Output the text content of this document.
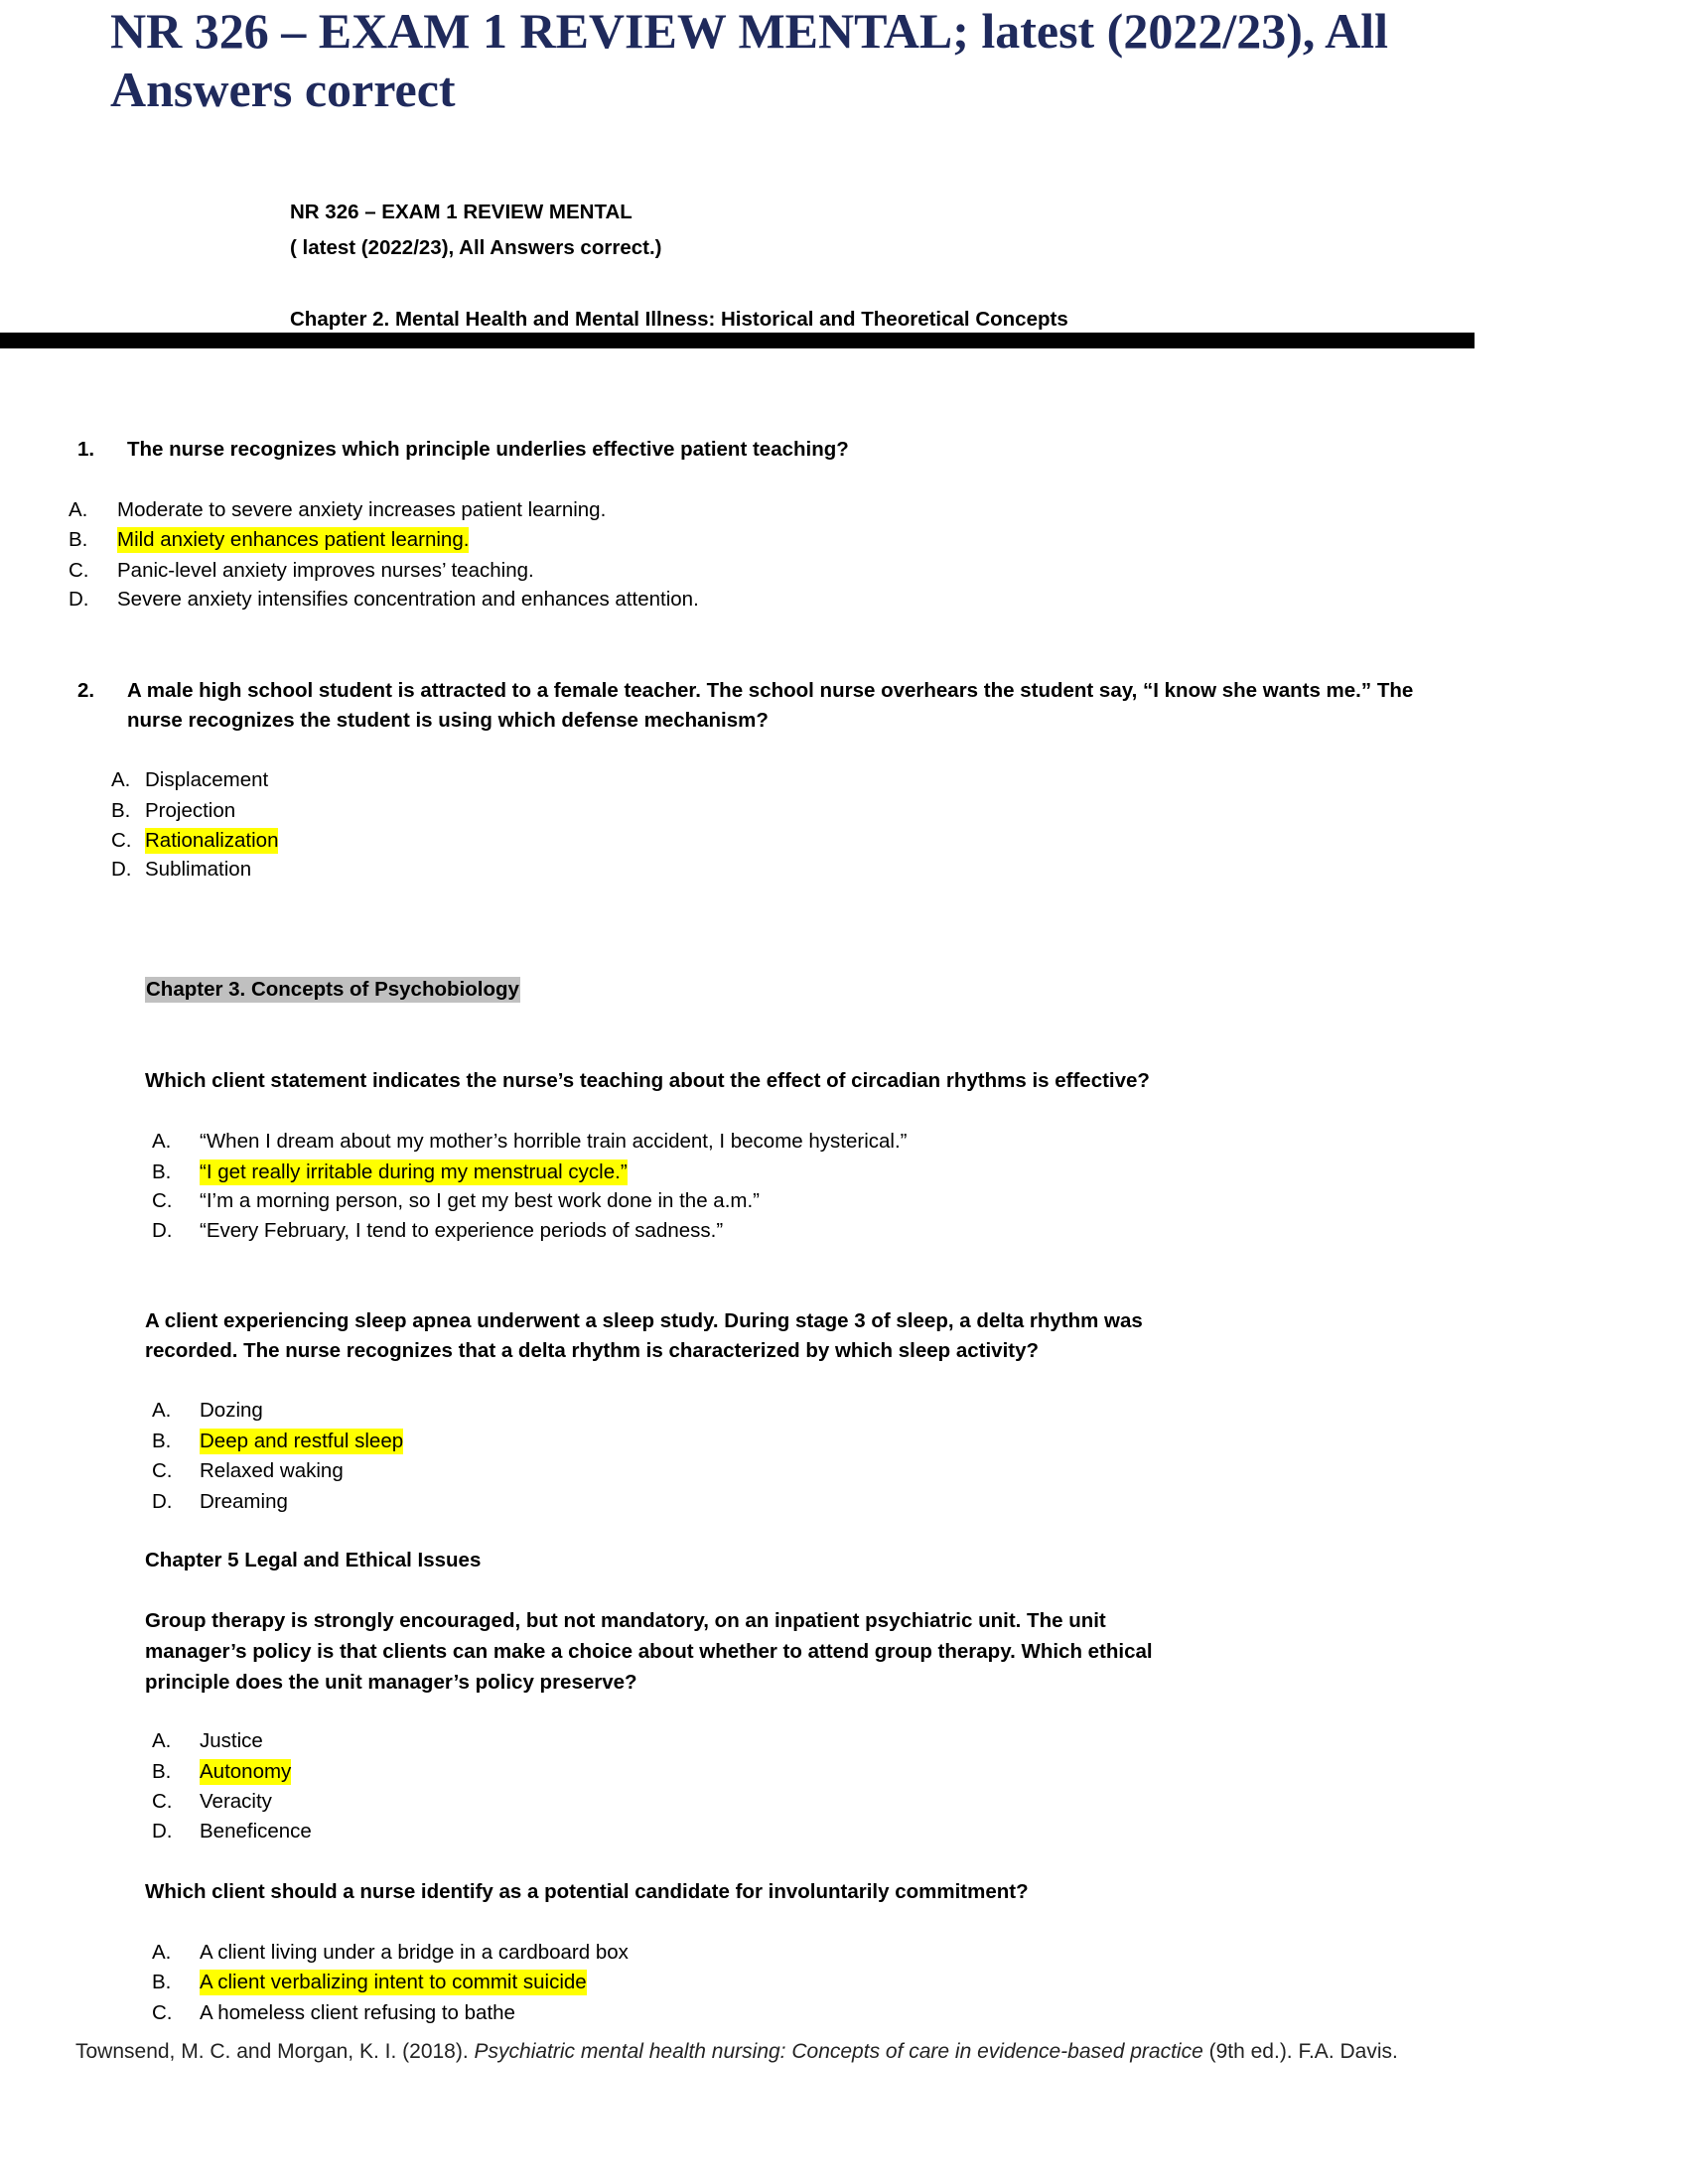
NR 326 – EXAM 1 REVIEW MENTAL; latest (2022/23), All
Answers correct
NR 326 – EXAM 1 REVIEW MENTAL
( latest (2022/23), All Answers correct.)
Chapter 2. Mental Health and Mental Illness: Historical and Theoretical Concepts
Chapter 3. Concepts of Psychobiology
Chapter 5 Legal and Ethical Issues
1. The nurse recognizes which principle underlies effective patient teaching?
A. Moderate to severe anxiety increases patient learning.
B. Mild anxiety enhances patient learning.
C. Panic-level anxiety improves nurses’ teaching.
D. Severe anxiety intensifies concentration and enhances attention.
2. A male high school student is attracted to a female teacher. The school nurse overhears the student say, “I know she wants me.” The
nurse recognizes the student is using which defense mechanism?
A. Displacement
B. Projection
C. Rationalization
D. Sublimation
Which client statement indicates the nurse’s teaching about the effect of circadian rhythms is effective?
A. “When I dream about my mother’s horrible train accident, I become hysterical.”
B. “I get really irritable during my menstrual cycle.”
C. “I’m a morning person, so I get my best work done in the a.m.”
D. “Every February, I tend to experience periods of sadness.”
A client experiencing sleep apnea underwent a sleep study. During stage 3 of sleep, a delta rhythm was
recorded. The nurse recognizes that a delta rhythm is characterized by which sleep activity?
A. Dozing
B. Deep and restful sleep
C. Relaxed waking
D. Dreaming
Group therapy is strongly encouraged, but not mandatory, on an inpatient psychiatric unit. The unit
manager’s policy is that clients can make a choice about whether to attend group therapy. Which ethical
principle does the unit manager’s policy preserve?
A. Justice
B. Autonomy
C. Veracity
D. Beneficence
Which client should a nurse identify as a potential candidate for involuntarily commitment?
A. A client living under a bridge in a cardboard box
B. A client verbalizing intent to commit suicide
C. A homeless client refusing to bathe
Townsend, M. C. and Morgan, K. I. (2018). Psychiatric mental health nursing: Concepts of care in evidence-based practice (9th ed.). F.A. Davis.
